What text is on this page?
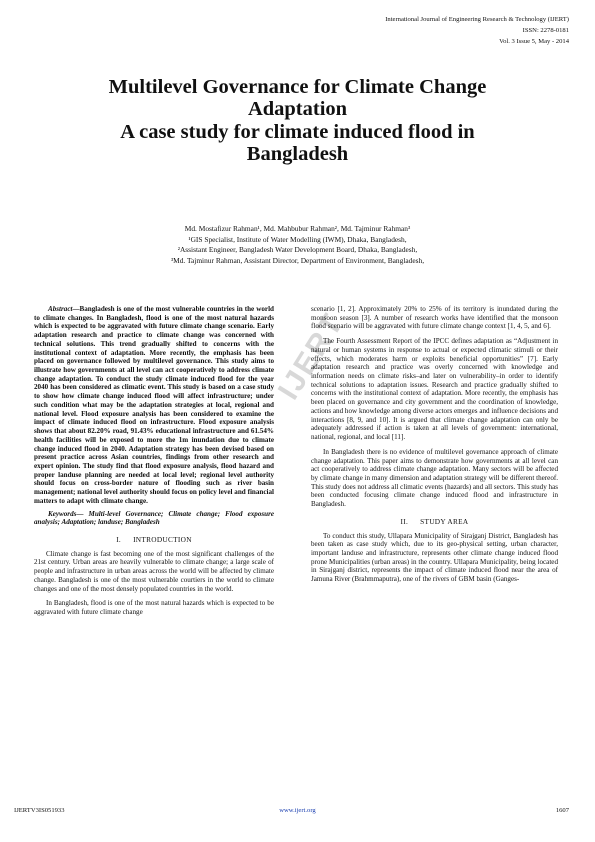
International Journal of Engineering Research & Technology (IJERT)
ISSN: 2278-0181
Vol. 3 Issue 5, May - 2014
IJERT
Multilevel Governance for Climate Change
Adaptation
A case study for climate induced flood in
Bangladesh
Md. Mostafizur Rahman¹, Md. Mahbubur Rahman², Md. Tajminur Rahman³
¹GIS Specialist, Institute of Water Modelling (IWM), Dhaka, Bangladesh,
²Assistant Engineer, Bangladesh Water Development Board, Dhaka, Bangladesh,
³Md. Tajminur Rahman, Assistant Director, Department of Environment, Bangladesh,

Abstract—Bangladesh is one of the most vulnerable countries in the world to climate changes. In Bangladesh, flood is one of the most natural hazards which is expected to be aggravated with future climate change scenario. Early adaptation research and practice to climate change was concerned with technical solutions. This trend gradually shifted to concerns with the institutional context of adaptation. More recently, the emphasis has been placed on governance followed by multilevel governance. This study aims to illustrate how governments at all level can act cooperatively to address climate change adaptation. To conduct the study climate induced flood for the year 2040 has been considered as climatic event. This study is based on a case study to show how climate change induced flood will affect infrastructure; under such condition what may be the adaptation strategies at local, regional and national level. Flood exposure analysis has been considered to examine the impact of climate induced flood on infrastructure. Flood exposure analysis shows that about 82.20% road, 91.43% educational infrastructure and 61.54% health facilities will be exposed to more the 1m inundation due to climate change induced flood in 2040. Adaptation strategy has been devised based on present practice across Asian countries, findings from other research and expert opinion. The study find that flood exposure analysis, flood hazard and proper landuse planning are needed at local level; regional level authority should focus on cross-border nature of flooding such as river basin management; national level authority should focus on policy level and financial matters to adapt with climate change.

Keywords— Multi-level Governance; Climate change; Flood exposure analysis; Adaptation; landuse; Bangladesh

I. INTRODUCTION

Climate change is fast becoming one of the most significant challenges of the 21st century. Urban areas are heavily vulnerable to climate change; a large scale of people and infrastructure in urban areas across the world will be affected by climate change. Bangladesh is one of the most vulnerable courtiers in the world to climate changes and one of the most densely populated countries in the world.

In Bangladesh, flood is one of the most natural hazards which is expected to be aggravated with future climate change

scenario [1, 2]. Approximately 20% to 25% of its territory is inundated during the monsoon season [3]. A number of research works have identified that the monsoon flood scenario will be aggravated with future climate change context [1, 4, 5, and 6].

The Fourth Assessment Report of the IPCC defines adaptation as “Adjustment in natural or human systems in response to actual or expected climatic stimuli or their effects, which moderates harm or exploits beneficial opportunities” [7]. Early adaptation research and practice was overly concerned with knowledge and information needs on climate risks–and later on vulnerability–in order to identify technical solutions to adaptation issues. Research and practice gradually shifted to concerns with the institutional context of adaptation. More recently, the emphasis has been placed on governance and city government and the coordination of knowledge, actions and how knowledge among diverse actors emerges and influence decisions and interactions [8, 9, and 10]. It is argued that climate change adaptation can only be adequately addressed if action is taken at all levels of government: international, national, regional, and local [11].

In Bangladesh there is no evidence of multilevel governance approach of climate change adaptation. This paper aims to demonstrate how governments at all level can act cooperatively to address climate change adaptation. Many sectors will be affected by climate change in many dimension and adaptation strategy will be different thereof. This study does not address all climatic events (hazards) and all sectors. This study has been conducted focusing climate change induced flood and infrastructure in Bangladesh.

II. STUDY AREA

To conduct this study, Ullapara Municipality of Sirajganj District, Bangladesh has been taken as case study which, due to its geo-physical setting, urban character, important landuse and infrastructure, represents other climate change induced flood prone Municipalities (urban areas) in the country. Ullapara Municipality, being located in Sirajganj district, represents the impact of climate induced flood near the area of Jamuna River (Brahmmaputra), one of the rivers of GBM basin (Ganges-

IJERTV3IS051933	www.ijert.org	1607
